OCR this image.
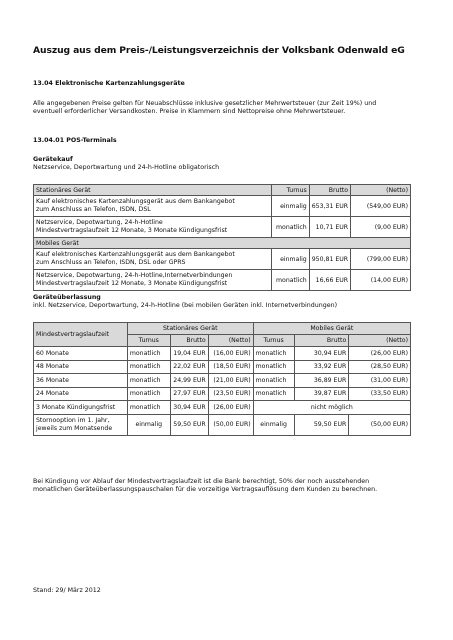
Auszug aus dem Preis-/Leistungsverzeichnis der Volksbank Odenwald eG
13.04 Elektronische Kartenzahlungsgeräte
Alle angegebenen Preise gelten für Neuabschlüsse inklusive gesetzlicher Mehrwertsteuer (zur Zeit 19%) und
eventuell erforderlicher Versandkosten. Preise in Klammern sind Nettopreise ohne Mehrwertsteuer.
13.04.01 POS-Terminals
Gerätekauf
Netzservice, Deportwartung und 24-h-Hotline obligatorisch
Stationäres Gerät	Turnus	Brutto	(Netto)

Kauf elektronisches Kartenzahlungsgerät aus dem Bankangebot
zum Anschluss an Telefon, ISDN, DSL	einmalig	653,31 EUR	(549,00 EUR)

Netzservice, Depotwartung, 24-h-Hotline
Mindestvertragslaufzeit 12 Monate, 3 Monate Kündigungsfrist	monatlich	10,71 EUR	(9,00 EUR)
Mobiles Gerät			

Kauf elektronisches Kartenzahlungsgerät aus dem Bankangebot
zum Anschluss an Telefon, ISDN, DSL oder GPRS	einmalig	950,81 EUR	(799,00 EUR)

Netzservice, Depotwartung, 24-h-Hotline,Internetverbindungen
Mindestvertragslaufzeit 12 Monate, 3 Monate Kündigungsfrist	monatlich	16,66 EUR	(14,00 EUR)
Geräteüberlassung
inkl. Netzservice, Deportwartung, 24-h-Hotline (bei mobilen Geräten inkl. Internetverbindungen)
Mindestvertragslaufzeit	Stationäres Gerät			Mobiles Gerät		
	Turnus	Brutto	(Netto)	Turnus	Brutto	(Netto)
60 Monate	monatlich	19,04 EUR	(16,00 EUR)	monatlich	30,94 EUR	(26,00 EUR)
48 Monate	monatlich	22,02 EUR	(18,50 EUR)	monatlich	33,92 EUR	(28,50 EUR)
36 Monate	monatlich	24,99 EUR	(21,00 EUR)	monatlich	36,89 EUR	(31,00 EUR)
24 Monate	monatlich	27,97 EUR	(23,50 EUR)	monatlich	39,87 EUR	(33,50 EUR)
3 Monate Kündigungsfrist	monatlich	30,94 EUR	(26,00 EUR)	nicht möglich		

Stornooption im 1. Jahr,
jeweils zum Monatsende	einmalig	59,50 EUR	(50,00 EUR)	einmalig	59,50 EUR	(50,00 EUR)
Bei Kündigung vor Ablauf der Mindestvertragslaufzeit ist die Bank berechtigt, 50% der noch ausstehenden
monatlichen Geräteüberlassungspauschalen für die vorzeitige Vertragsauflösung dem Kunden zu berechnen.
Stand: 29/ März 2012
